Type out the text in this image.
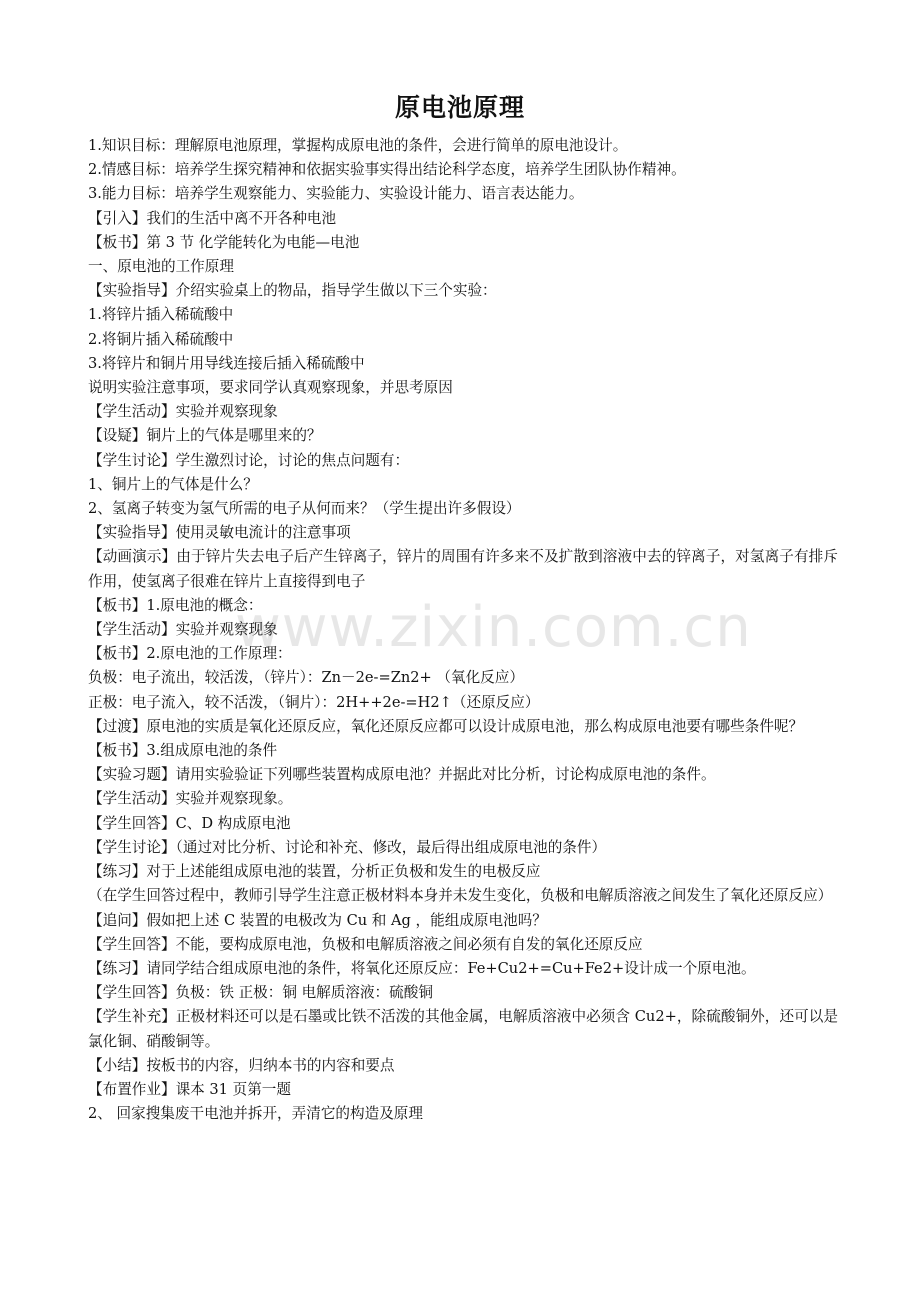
www.zixin.com.cn
原电池原理

1.知识目标：理解原电池原理，掌握构成原电池的条件，会进行简单的原电池设计。

2.情感目标：培养学生探究精神和依据实验事实得出结论科学态度，培养学生团队协作精神。

3.能力目标：培养学生观察能力、实验能力、实验设计能力、语言表达能力。

【引入】我们的生活中离不开各种电池

【板书】第 3 节 化学能转化为电能—电池

一、原电池的工作原理

【实验指导】介绍实验桌上的物品，指导学生做以下三个实验：

1.将锌片插入稀硫酸中

2.将铜片插入稀硫酸中

3.将锌片和铜片用导线连接后插入稀硫酸中

说明实验注意事项，要求同学认真观察现象，并思考原因

【学生活动】实验并观察现象

【设疑】铜片上的气体是哪里来的？

【学生讨论】学生激烈讨论，讨论的焦点问题有：

1、铜片上的气体是什么？

2、氢离子转变为氢气所需的电子从何而来？（学生提出许多假设）

【实验指导】使用灵敏电流计的注意事项

【动画演示】由于锌片失去电子后产生锌离子，锌片的周围有许多来不及扩散到溶液中去的锌离子，对氢离子有排斥作用，使氢离子很难在锌片上直接得到电子

【板书】1.原电池的概念：

【学生活动】实验并观察现象

【板书】2.原电池的工作原理：

负极：电子流出，较活泼，（锌片）：Zn－2e-=Zn2+ （氧化反应）

正极：电子流入，较不活泼，（铜片）：2H++2e-=H2↑（还原反应）

【过渡】原电池的实质是氧化还原反应，氧化还原反应都可以设计成原电池，那么构成原电池要有哪些条件呢？

【板书】3.组成原电池的条件

【实验习题】请用实验验证下列哪些装置构成原电池？并据此对比分析，讨论构成原电池的条件。

【学生活动】实验并观察现象。

【学生回答】C、D 构成原电池

【学生讨论】（通过对比分析、讨论和补充、修改，最后得出组成原电池的条件）

【练习】对于上述能组成原电池的装置，分析正负极和发生的电极反应

（在学生回答过程中，教师引导学生注意正极材料本身并未发生变化，负极和电解质溶液之间发生了氧化还原反应）

【追问】假如把上述 C 装置的电极改为 Cu 和 Ag ，能组成原电池吗？

【学生回答】不能，要构成原电池，负极和电解质溶液之间必须有自发的氧化还原反应

【练习】请同学结合组成原电池的条件，将氧化还原反应：Fe+Cu2+=Cu+Fe2+设计成一个原电池。

【学生回答】负极：铁 正极：铜 电解质溶液：硫酸铜

【学生补充】正极材料还可以是石墨或比铁不活泼的其他金属，电解质溶液中必须含 Cu2+，除硫酸铜外，还可以是氯化铜、硝酸铜等。

【小结】按板书的内容，归纳本书的内容和要点

【布置作业】课本 31 页第一题

2、 回家搜集废干电池并拆开，弄清它的构造及原理
